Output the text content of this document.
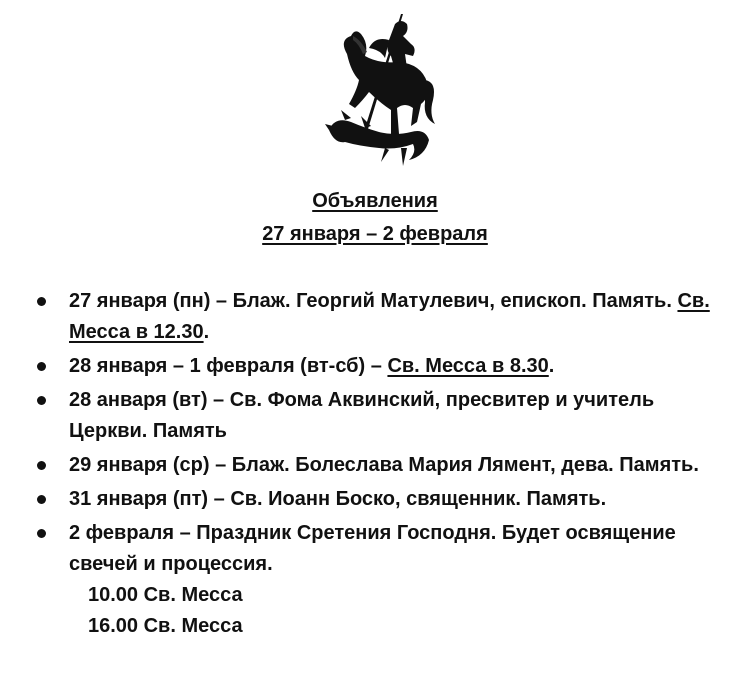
Объявления
27 января – 2 февраля
27 января (пн) – Блаж. Георгий Матулевич, епископ. Память. Св. Месса в 12.30.
28 января – 1 февраля (вт-сб) – Св. Месса в 8.30.
28 анваря (вт) – Св. Фома Аквинский, пресвитер и учитель Церкви. Память
29 января (ср) – Блаж. Болеслава Мария Лямент, дева. Память.
31 января (пт) – Св. Иоанн Боско, священник. Память.
2 февраля – Праздник Сретения Господня. Будет освящение свечей и процессия.
10.00 Св. Месса
16.00 Св. Месса
